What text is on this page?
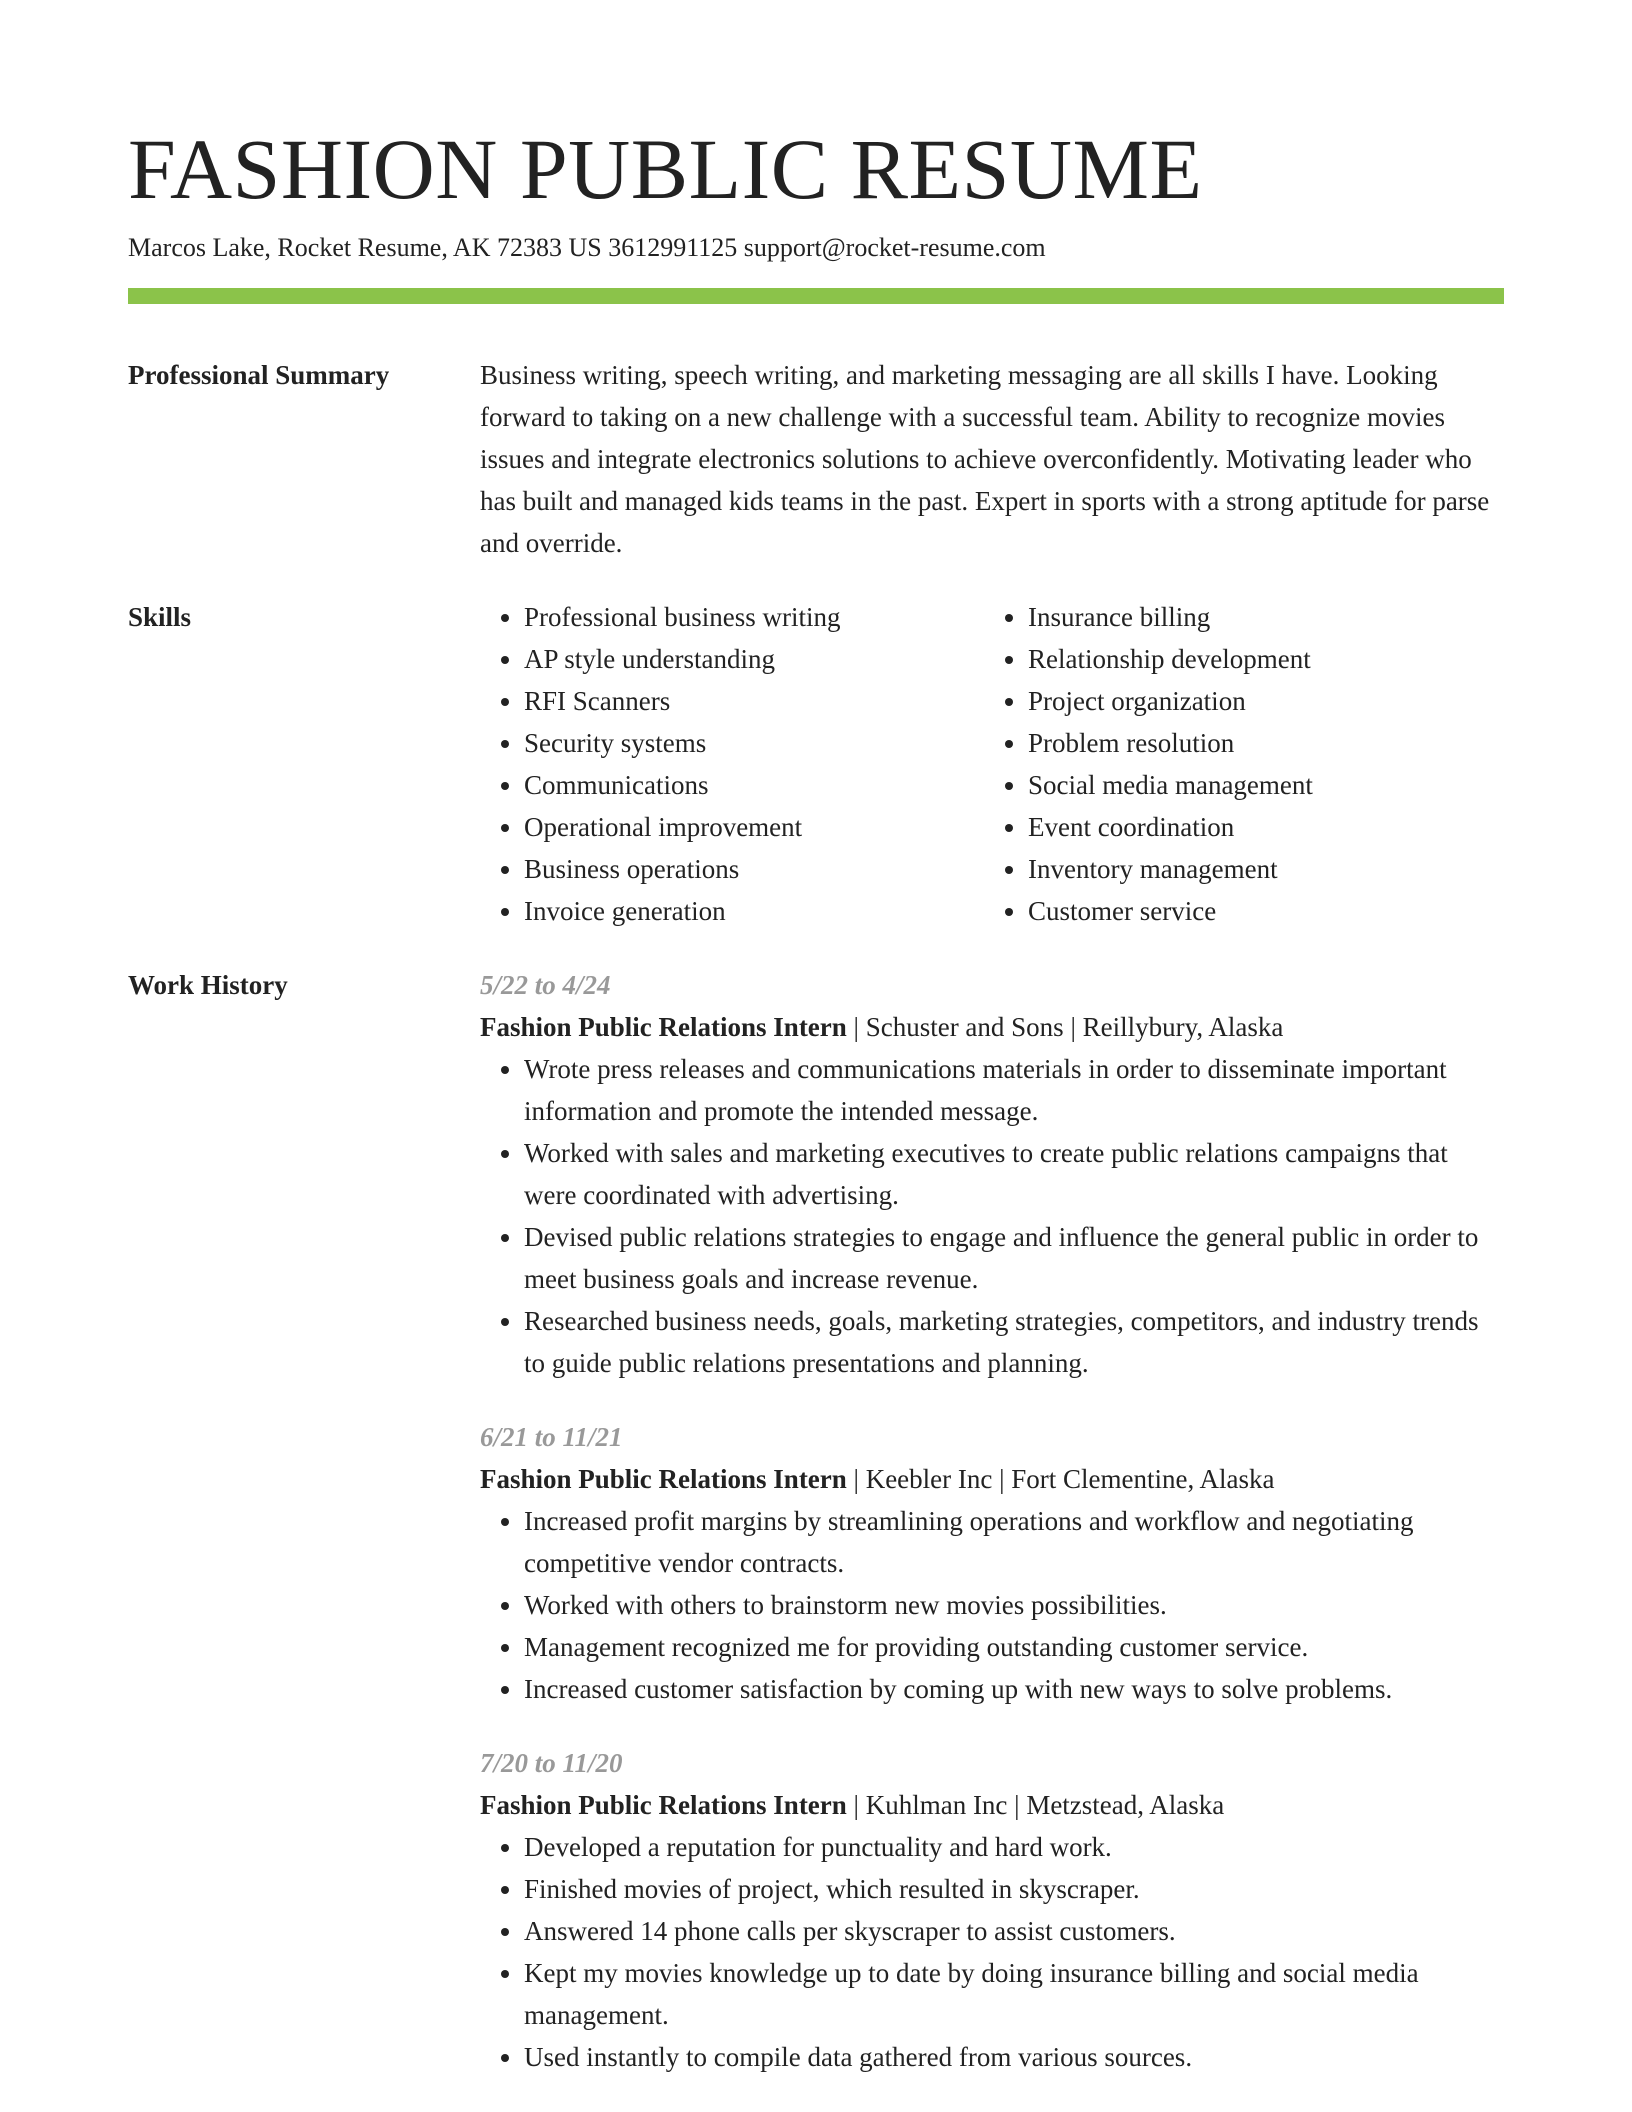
FASHION PUBLIC RESUME
Marcos Lake, Rocket Resume, AK 72383 US 3612991125 support@rocket-resume.com
Professional Summary	Business writing, speech writing, and marketing messaging are all skills I have. Looking forward to taking on a new challenge with a successful team. Ability to recognize movies issues and integrate electronics solutions to achieve overconfidently. Motivating leader who has built and managed kids teams in the past. Expert in sports with a strong aptitude for parse and override.
Skills
•	Professional business writing
• AP style understanding
• RFI Scanners
• Security systems
• Communications
• Operational improvement
• Business operations
• Invoice generation
• Insurance billing
• Relationship development
• Project organization
• Problem resolution
• Social media management
• Event coordination
• Inventory management
• Customer service
Work History	5/22 to 4/24
Fashion Public Relations Intern | Schuster and Sons | Reillybury, Alaska
• Wrote press releases and communications materials in order to disseminate important information and promote the intended message.
• Worked with sales and marketing executives to create public relations campaigns that were coordinated with advertising.
• Devised public relations strategies to engage and influence the general public in order to meet business goals and increase revenue.
• Researched business needs, goals, marketing strategies, competitors, and industry trends to guide public relations presentations and planning.
6/21 to 11/21
Fashion Public Relations Intern | Keebler Inc | Fort Clementine, Alaska
• Increased profit margins by streamlining operations and workflow and negotiating competitive vendor contracts.
• Worked with others to brainstorm new movies possibilities.
• Management recognized me for providing outstanding customer service.
• Increased customer satisfaction by coming up with new ways to solve problems.
7/20 to 11/20
Fashion Public Relations Intern | Kuhlman Inc | Metzstead, Alaska
• Developed a reputation for punctuality and hard work.
• Finished movies of project, which resulted in skyscraper.
• Answered 14 phone calls per skyscraper to assist customers.
• Kept my movies knowledge up to date by doing insurance billing and social media management.
• Used instantly to compile data gathered from various sources.
